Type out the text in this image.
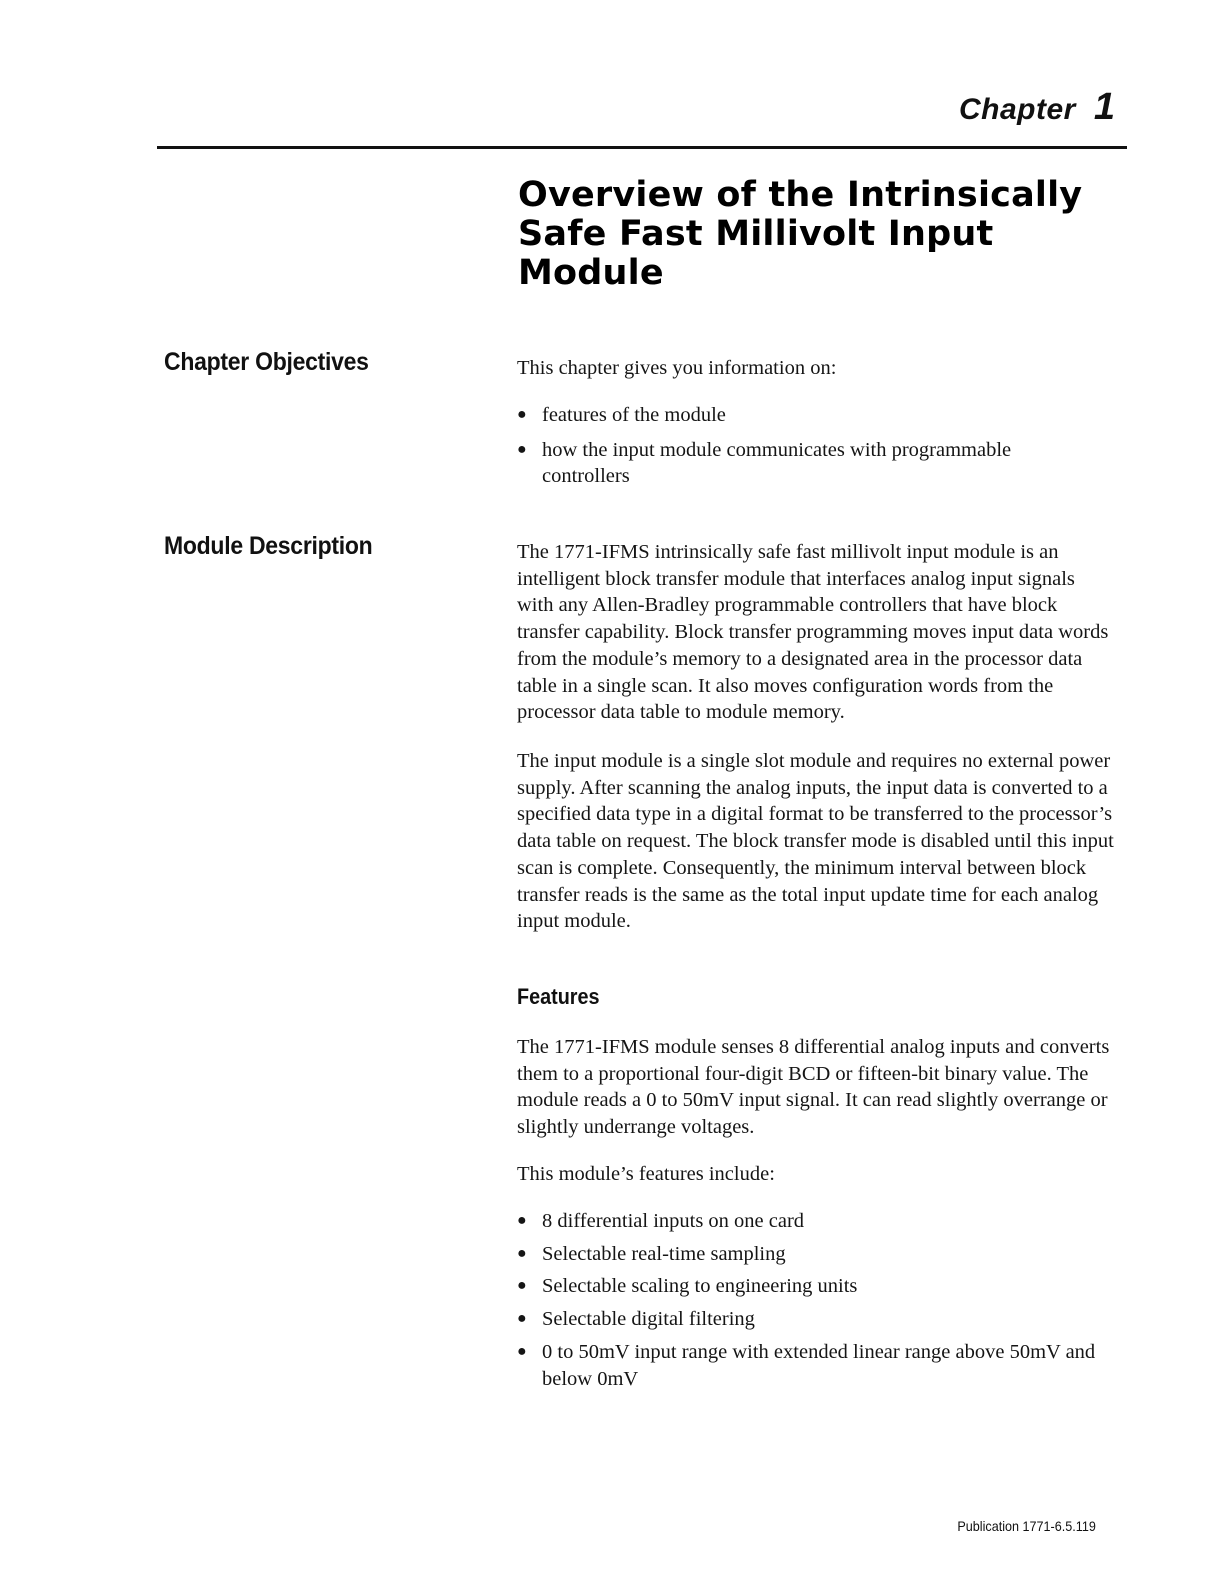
Chapter 1
Overview of the Intrinsically
Safe Fast Millivolt Input
Module
Chapter Objectives	This chapter gives you information on:

● features of the module
● how the input module communicates with programmable controllers
Module Description	The 1771-IFMS intrinsically safe fast millivolt input module is an intelligent block transfer module that interfaces analog input signals with any Allen-Bradley programmable controllers that have block transfer capability. Block transfer programming moves input data words from the module’s memory to a designated area in the processor data table in a single scan. It also moves configuration words from the processor data table to module memory.

The input module is a single slot module and requires no external power supply. After scanning the analog inputs, the input data is converted to a specified data type in a digital format to be transferred to the processor’s data table on request. The block transfer mode is disabled until this input scan is complete. Consequently, the minimum interval between block transfer reads is the same as the total input update time for each analog input module.

Features

The 1771-IFMS module senses 8 differential analog inputs and converts them to a proportional four-digit BCD or fifteen-bit binary value. The module reads a 0 to 50mV input signal. It can read slightly overrange or slightly underrange voltages.

This module’s features include:

● 8 differential inputs on one card
● Selectable real-time sampling
● Selectable scaling to engineering units
● Selectable digital filtering
● 0 to 50mV input range with extended linear range above 50mV and below 0mV
Publication 1771-6.5.119
